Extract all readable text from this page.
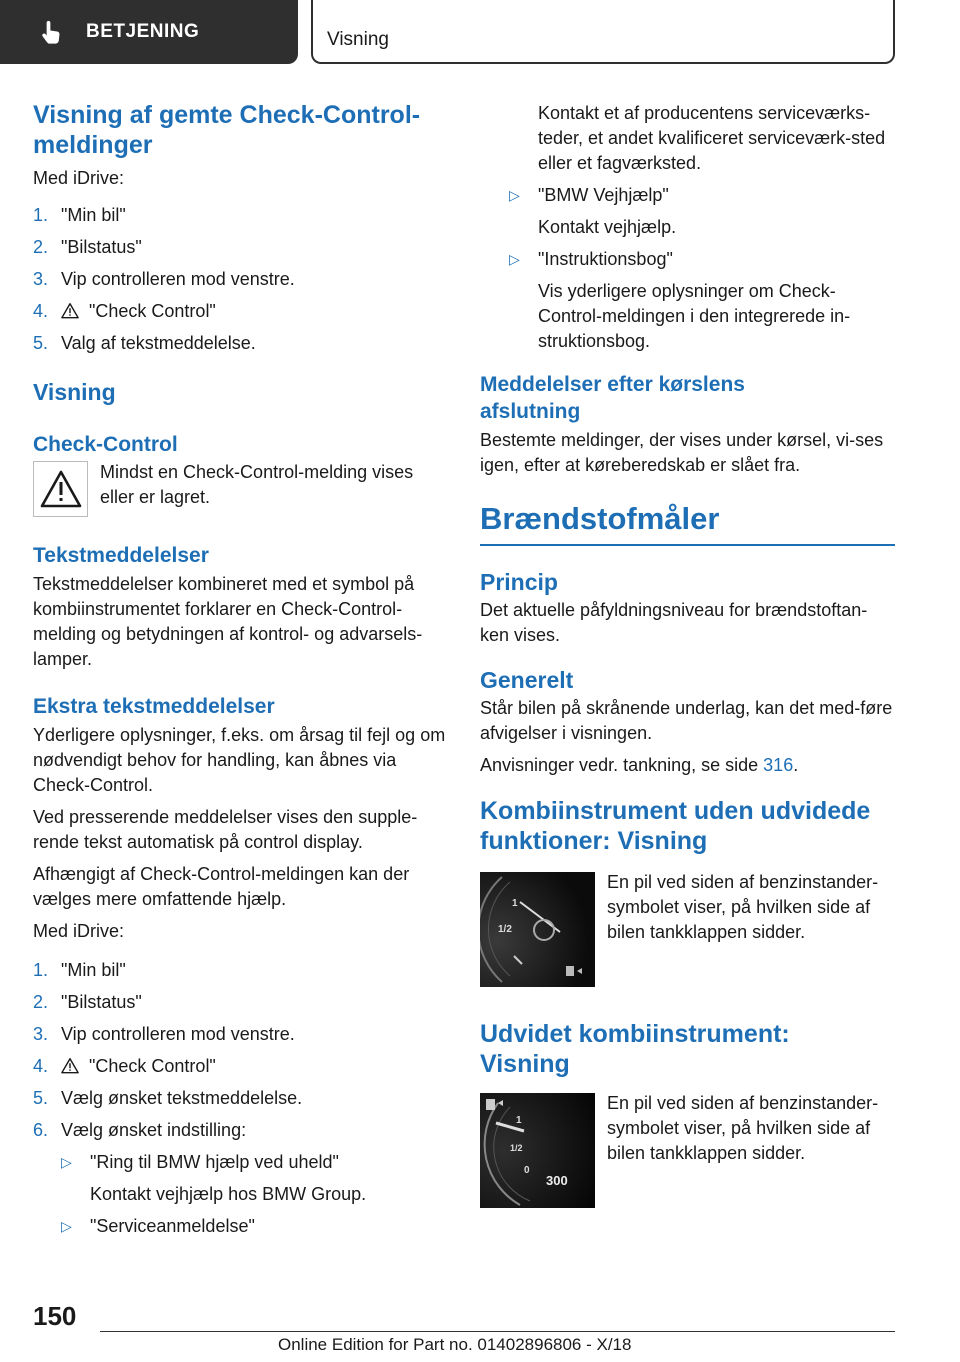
BETJENING	Visning
Visning af gemte Check-Control-meldinger

Med iDrive:

1. "Min bil"
2. "Bilstatus"
3. Vip controlleren mod venstre.
4. "Check Control"
5. Valg af tekstmeddelelse.
Visning
Check-Control

Mindst en Check-Control-melding vises eller er lagret.

Tekstmeddelelser

Tekstmeddelelser kombineret med et symbol på kombiinstrumentet forklarer en Check-Control-melding og betydningen af kontrol- og advarsels-lamper.

Ekstra tekstmeddelelser

Yderligere oplysninger, f.eks. om årsag til fejl og om nødvendigt behov for handling, kan åbnes via Check-Control.

Ved presserende meddelelser vises den supple-rende tekst automatisk på control display.

Afhængigt af Check-Control-meldingen kan der vælges mere omfattende hjælp.

Med iDrive:

1. "Min bil"
2. "Bilstatus"
3. Vip controlleren mod venstre.
4. "Check Control"
5. Vælg ønsket tekstmeddelelse.
6. Vælg ønsket indstilling:
▷ "Ring til BMW hjælp ved uheld"
Kontakt vejhjælp hos BMW Group.
▷ "Serviceanmeldelse"

Kontakt et af producentens serviceværks-teder, et andet kvalificeret serviceværk-sted eller et fagværksted.

▷ "BMW Vejhjælp"
Kontakt vejhjælp.
▷ "Instruktionsbog"
Vis yderligere oplysninger om Check-Control-meldingen i den integrerede in-struktionsbog.
Meddelelser efter kørslens afslutning

Bestemte meldinger, der vises under kørsel, vi-ses igen, efter at køreberedskab er slået fra.

Brændstofmåler
Princip

Det aktuelle påfyldningsniveau for brændstoftan-ken vises.

Generelt

Står bilen på skrånende underlag, kan det med-føre afvigelser i visningen.

Anvisninger vedr. tankning, se side 316.

Kombiinstrument uden udvidede funktioner: Visning
1
1/2

En pil ved siden af benzinstander-symbolet viser, på hvilken side af bilen tankklappen sidder.

Udvidet kombiinstrument: Visning
1
1/2
0
300

En pil ved siden af benzinstander-symbolet viser, på hvilken side af bilen tankklappen sidder.

150
Online Edition for Part no. 01402896806 - X/18
